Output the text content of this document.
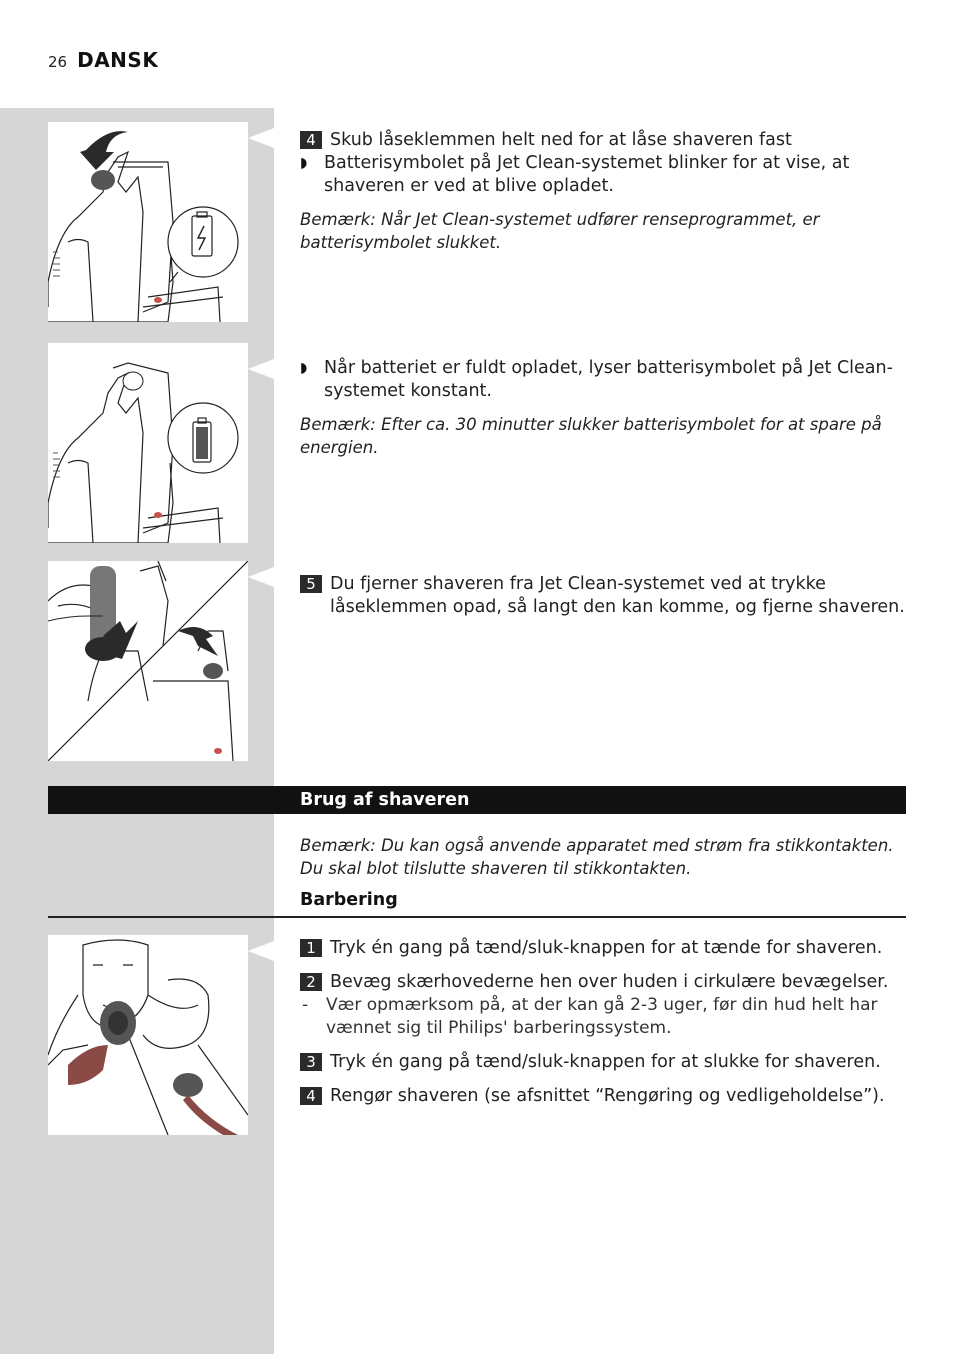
26 DANSK
4 Skub låseklemmen helt ned for at låse shaveren fast
◗ Batterisymbolet på Jet Clean-systemet blinker for at vise, at shaveren er ved at blive opladet.
Bemærk: Når Jet Clean-systemet udfører renseprogrammet, er batterisymbolet slukket.
◗ Når batteriet er fuldt opladet, lyser batterisymbolet på Jet Clean-systemet konstant.
Bemærk: Efter ca. 30 minutter slukker batterisymbolet for at spare på energien.
5 Du fjerner shaveren fra Jet Clean-systemet ved at trykke låseklemmen opad, så langt den kan komme, og fjerne shaveren.
Brug af shaveren
Bemærk: Du kan også anvende apparatet med strøm fra stikkontakten. Du skal blot tilslutte shaveren til stikkontakten.
Barbering
1 Tryk én gang på tænd/sluk-knappen for at tænde for shaveren.
2 Bevæg skærhovederne hen over huden i cirkulære bevægelser.
-	Vær opmærksom på, at der kan gå 2-3 uger, før din hud helt har vænnet sig til Philips' barberingssystem.
3 Tryk én gang på tænd/sluk-knappen for at slukke for shaveren.
4 Rengør shaveren (se afsnittet “Rengøring og vedligeholdelse”).
